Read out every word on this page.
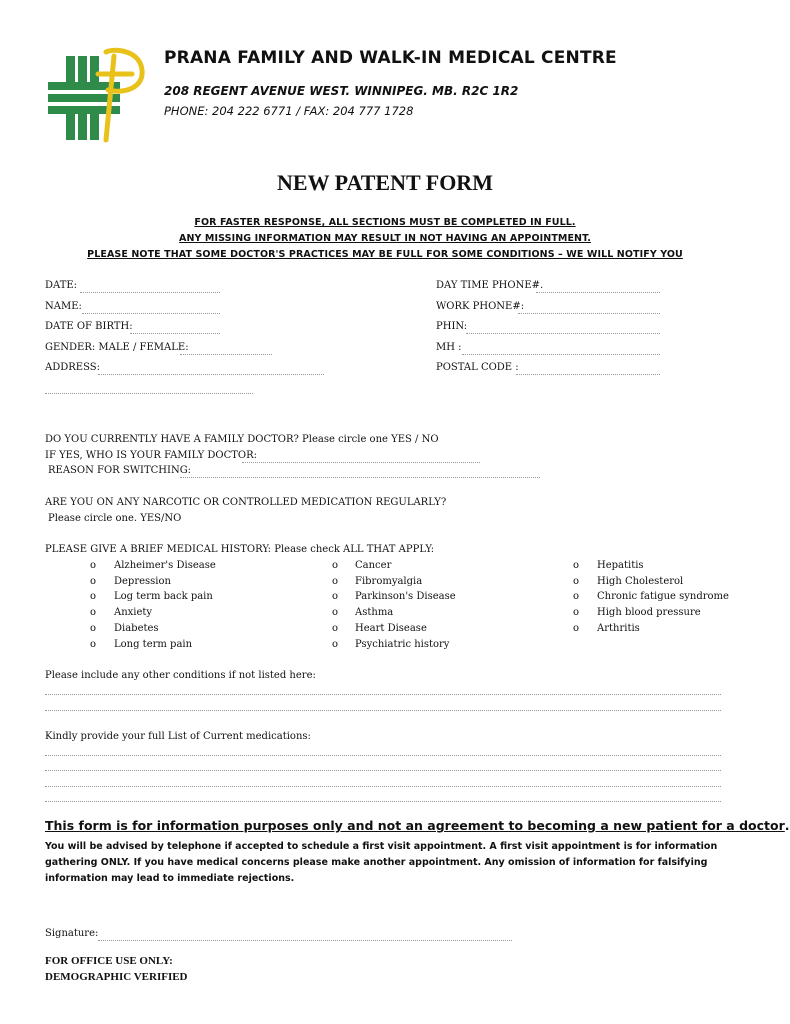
PRANA FAMILY AND WALK-IN MEDICAL CENTRE
208 REGENT AVENUE WEST. WINNIPEG. MB. R2C 1R2
PHONE: 204 222 6771 / FAX: 204 777 1728
NEW PATENT FORM
FOR FASTER RESPONSE, ALL SECTIONS MUST BE COMPLETED IN FULL.
ANY MISSING INFORMATION MAY RESULT IN NOT HAVING AN APPOINTMENT.
PLEASE NOTE THAT SOME DOCTOR'S PRACTICES MAY BE FULL FOR SOME CONDITIONS – WE WILL NOTIFY YOU
DATE:
NAME:
DATE OF BIRTH:
GENDER: MALE / FEMALE:
ADDRESS:
DAY TIME PHONE#.
WORK PHONE#:
PHIN:
MH :
POSTAL CODE :
DO YOU CURRENTLY HAVE A FAMILY DOCTOR? Please circle one YES / NO
IF YES, WHO IS YOUR FAMILY DOCTOR:
REASON FOR SWITCHING:
ARE YOU ON ANY NARCOTIC OR CONTROLLED MEDICATION REGULARLY?
Please circle one. YES/NO
PLEASE GIVE A BRIEF MEDICAL HISTORY: Please check ALL THAT APPLY:
o Alzheimer's Disease
o Depression
o Log term back pain
o Anxiety
o Diabetes
o Long term pain
o Cancer
o Fibromyalgia
o Parkinson's Disease
o Asthma
o Heart Disease
o Psychiatric history
o Hepatitis
o High Cholesterol
o Chronic fatigue syndrome
o High blood pressure
o Arthritis
Please include any other conditions if not listed here:
Kindly provide your full List of Current medications:
This form is for information purposes only and not an agreement to becoming a new patient for a doctor.
You will be advised by telephone if accepted to schedule a first visit appointment. A first visit appointment is for information gathering ONLY. If you have medical concerns please make another appointment. Any omission of information for falsifying information may lead to immediate rejections.
Signature:
FOR OFFICE USE ONLY:
DEMOGRAPHIC VERIFIED
